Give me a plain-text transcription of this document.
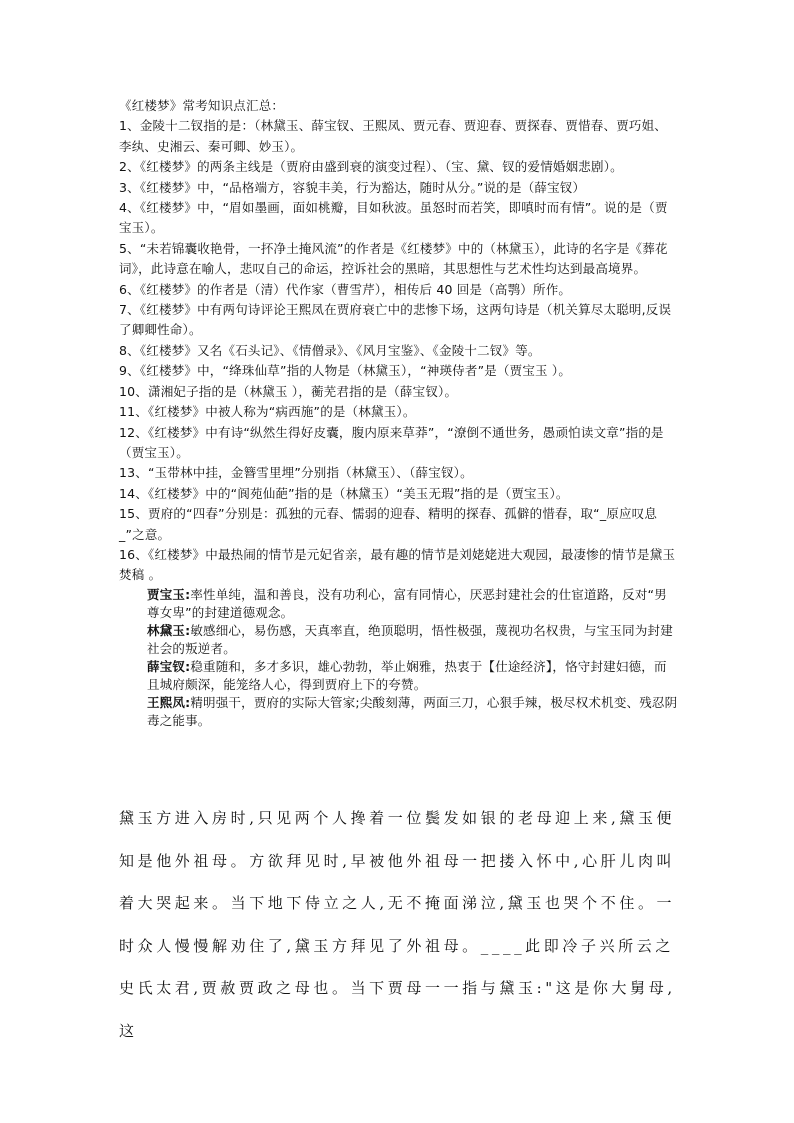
《红楼梦》常考知识点汇总：

1、金陵十二钗指的是：（林黛玉、薛宝钗、王熙凤、贾元春、贾迎春、贾探春、贾惜春、贾巧姐、李纨、史湘云、秦可卿、妙玉）。

2、《红楼梦》的两条主线是（贾府由盛到衰的演变过程）、（宝、黛、钗的爱情婚姻悲剧）。

3、《红楼梦》中，“品格端方，容貌丰美，行为豁达，随时从分。”说的是（薛宝钗）

4、《红楼梦》中，“眉如墨画，面如桃瓣，目如秋波。虽怒时而若笑，即嗔时而有情”。说的是（贾宝玉）。

5、“未若锦囊收艳骨，一抔净土掩风流”的作者是《红楼梦》中的（林黛玉），此诗的名字是《葬花词》，此诗意在喻人，悲叹自己的命运，控诉社会的黑暗，其思想性与艺术性均达到最高境界。

6、《红楼梦》的作者是（清）代作家（曹雪芹），相传后 40 回是（高鹗）所作。

7、《红楼梦》中有两句诗评论王熙凤在贾府衰亡中的悲惨下场，这两句诗是（机关算尽太聪明,反误了卿卿性命）。

8、《红楼梦》又名《石头记》、《情僧录》、《风月宝鉴》、《金陵十二钗》等。

9、《红楼梦》中，“绛珠仙草”指的人物是（林黛玉），“神瑛侍者”是（贾宝玉 ）。

10、潇湘妃子指的是（林黛玉 ），蘅芜君指的是（薛宝钗）。

11、《红楼梦》中被人称为“病西施”的是（林黛玉）。

12、《红楼梦》中有诗“纵然生得好皮囊，腹内原来草莽”，“潦倒不通世务，愚顽怕读文章”指的是（贾宝玉）。

13、“玉带林中挂，金簪雪里埋”分别指（林黛玉）、（薛宝钗）。

14、《红楼梦》中的“阆苑仙葩”指的是（林黛玉）“美玉无瑕”指的是（贾宝玉）。

15、贾府的“四春”分别是：孤独的元春、懦弱的迎春、精明的探春、孤僻的惜春，取“_原应叹息_”之意。

16、《红楼梦》中最热闹的情节是元妃省亲，最有趣的情节是刘姥姥进大观园，最凄惨的情节是黛玉焚稿 。

贾宝玉:率性单纯，温和善良，没有功利心，富有同情心，厌恶封建社会的仕宦道路，反对“男尊女卑”的封建道德观念。

林黛玉:敏感细心，易伤感，天真率直，绝顶聪明，悟性极强，蔑视功名权贵，与宝玉同为封建社会的叛逆者。

薛宝钗:稳重随和，多才多识，雄心勃勃，举止娴雅，热衷于【仕途经济】，恪守封建妇德，而且城府颇深，能笼络人心，得到贾府上下的夸赞。

王熙凤:精明强干，贾府的实际大管家;尖酸刻薄，两面三刀，心狠手辣，极尽权术机变、残忍阴毒之能事。

黛玉方进入房时,只见两个人搀着一位鬓发如银的老母迎上来,黛玉便知是他外祖母。方欲拜见时,早被他外祖母一把搂入怀中,心肝儿肉叫着大哭起来。当下地下侍立之人,无不掩面涕泣,黛玉也哭个不住。一时众人慢慢解劝住了,黛玉方拜见了外祖母。____此即冷子兴所云之史氏太君,贾赦贾政之母也。当下贾母一一指与黛玉:"这是你大舅母,这
